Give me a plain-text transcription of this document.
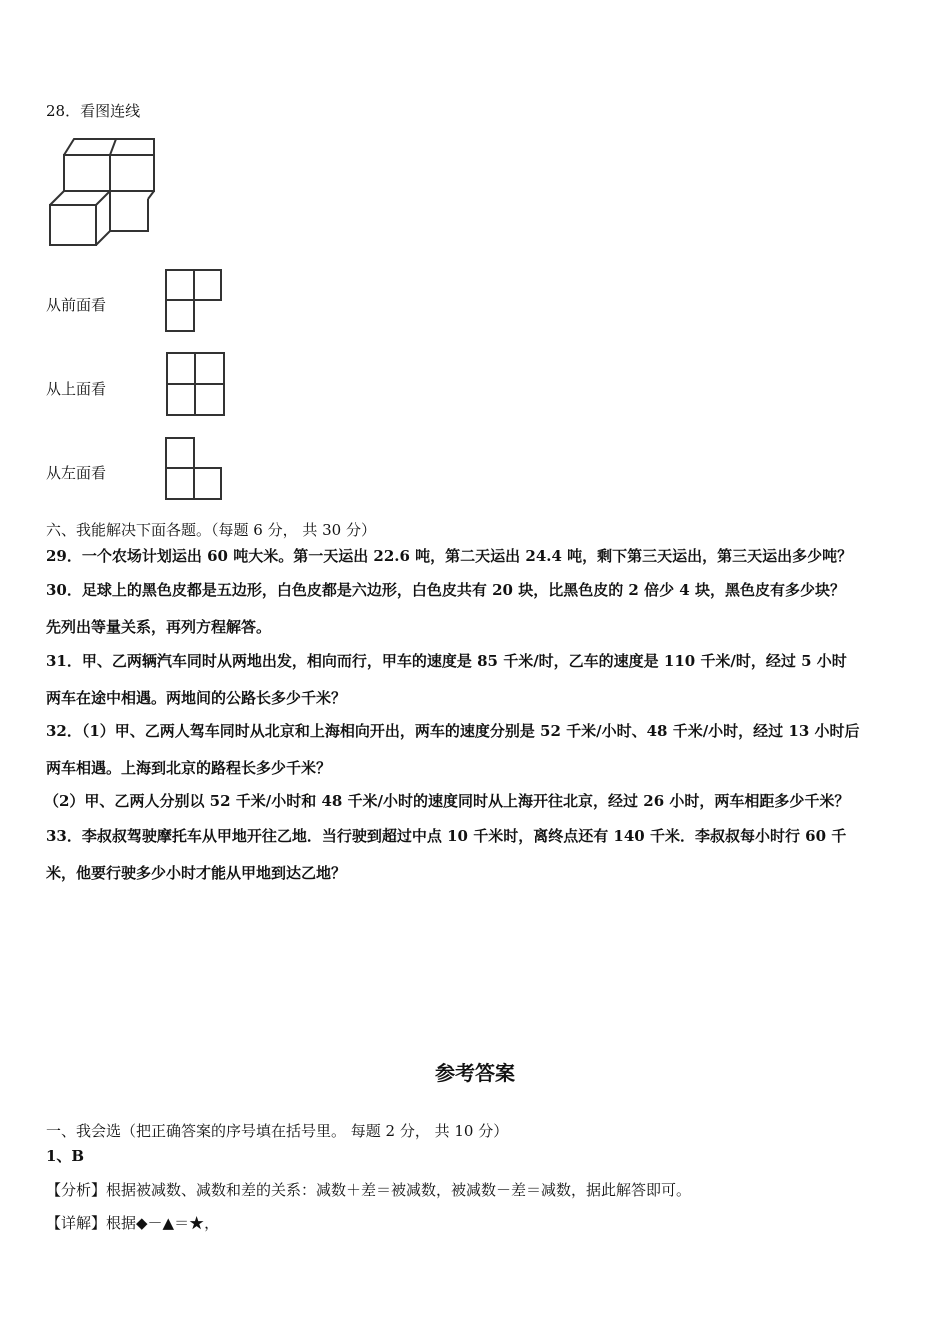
28．看图连线
从前面看
从上面看
从左面看
六、我能解决下面各题。（每题 6 分， 共 30 分）
29．一个农场计划运出 60 吨大米。第一天运出 22.6 吨，第二天运出 24.4 吨，剩下第三天运出，第三天运出多少吨？
30．足球上的黑色皮都是五边形，白色皮都是六边形，白色皮共有 20 块，比黑色皮的 2 倍少 4 块，黑色皮有多少块？
先列出等量关系，再列方程解答。
31．甲、乙两辆汽车同时从两地出发，相向而行，甲车的速度是 85 千米/时，乙车的速度是 110 千米/时，经过 5 小时
两车在途中相遇。两地间的公路长多少千米？
32．（1）甲、乙两人驾车同时从北京和上海相向开出，两车的速度分别是 52 千米/小时、48 千米/小时，经过 13 小时后
两车相遇。上海到北京的路程长多少千米？
（2）甲、乙两人分别以 52 千米/小时和 48 千米/小时的速度同时从上海开往北京，经过 26 小时，两车相距多少千米？
33．李叔叔驾驶摩托车从甲地开往乙地．当行驶到超过中点 10 千米时，离终点还有 140 千米．李叔叔每小时行 60 千
米，他要行驶多少小时才能从甲地到达乙地？
参考答案
一、我会选（把正确答案的序号填在括号里。 每题 2 分， 共 10 分）
1、B
【分析】根据被减数、减数和差的关系：减数＋差＝被减数，被减数－差＝减数，据此解答即可。
【详解】根据◆－▲＝★，
